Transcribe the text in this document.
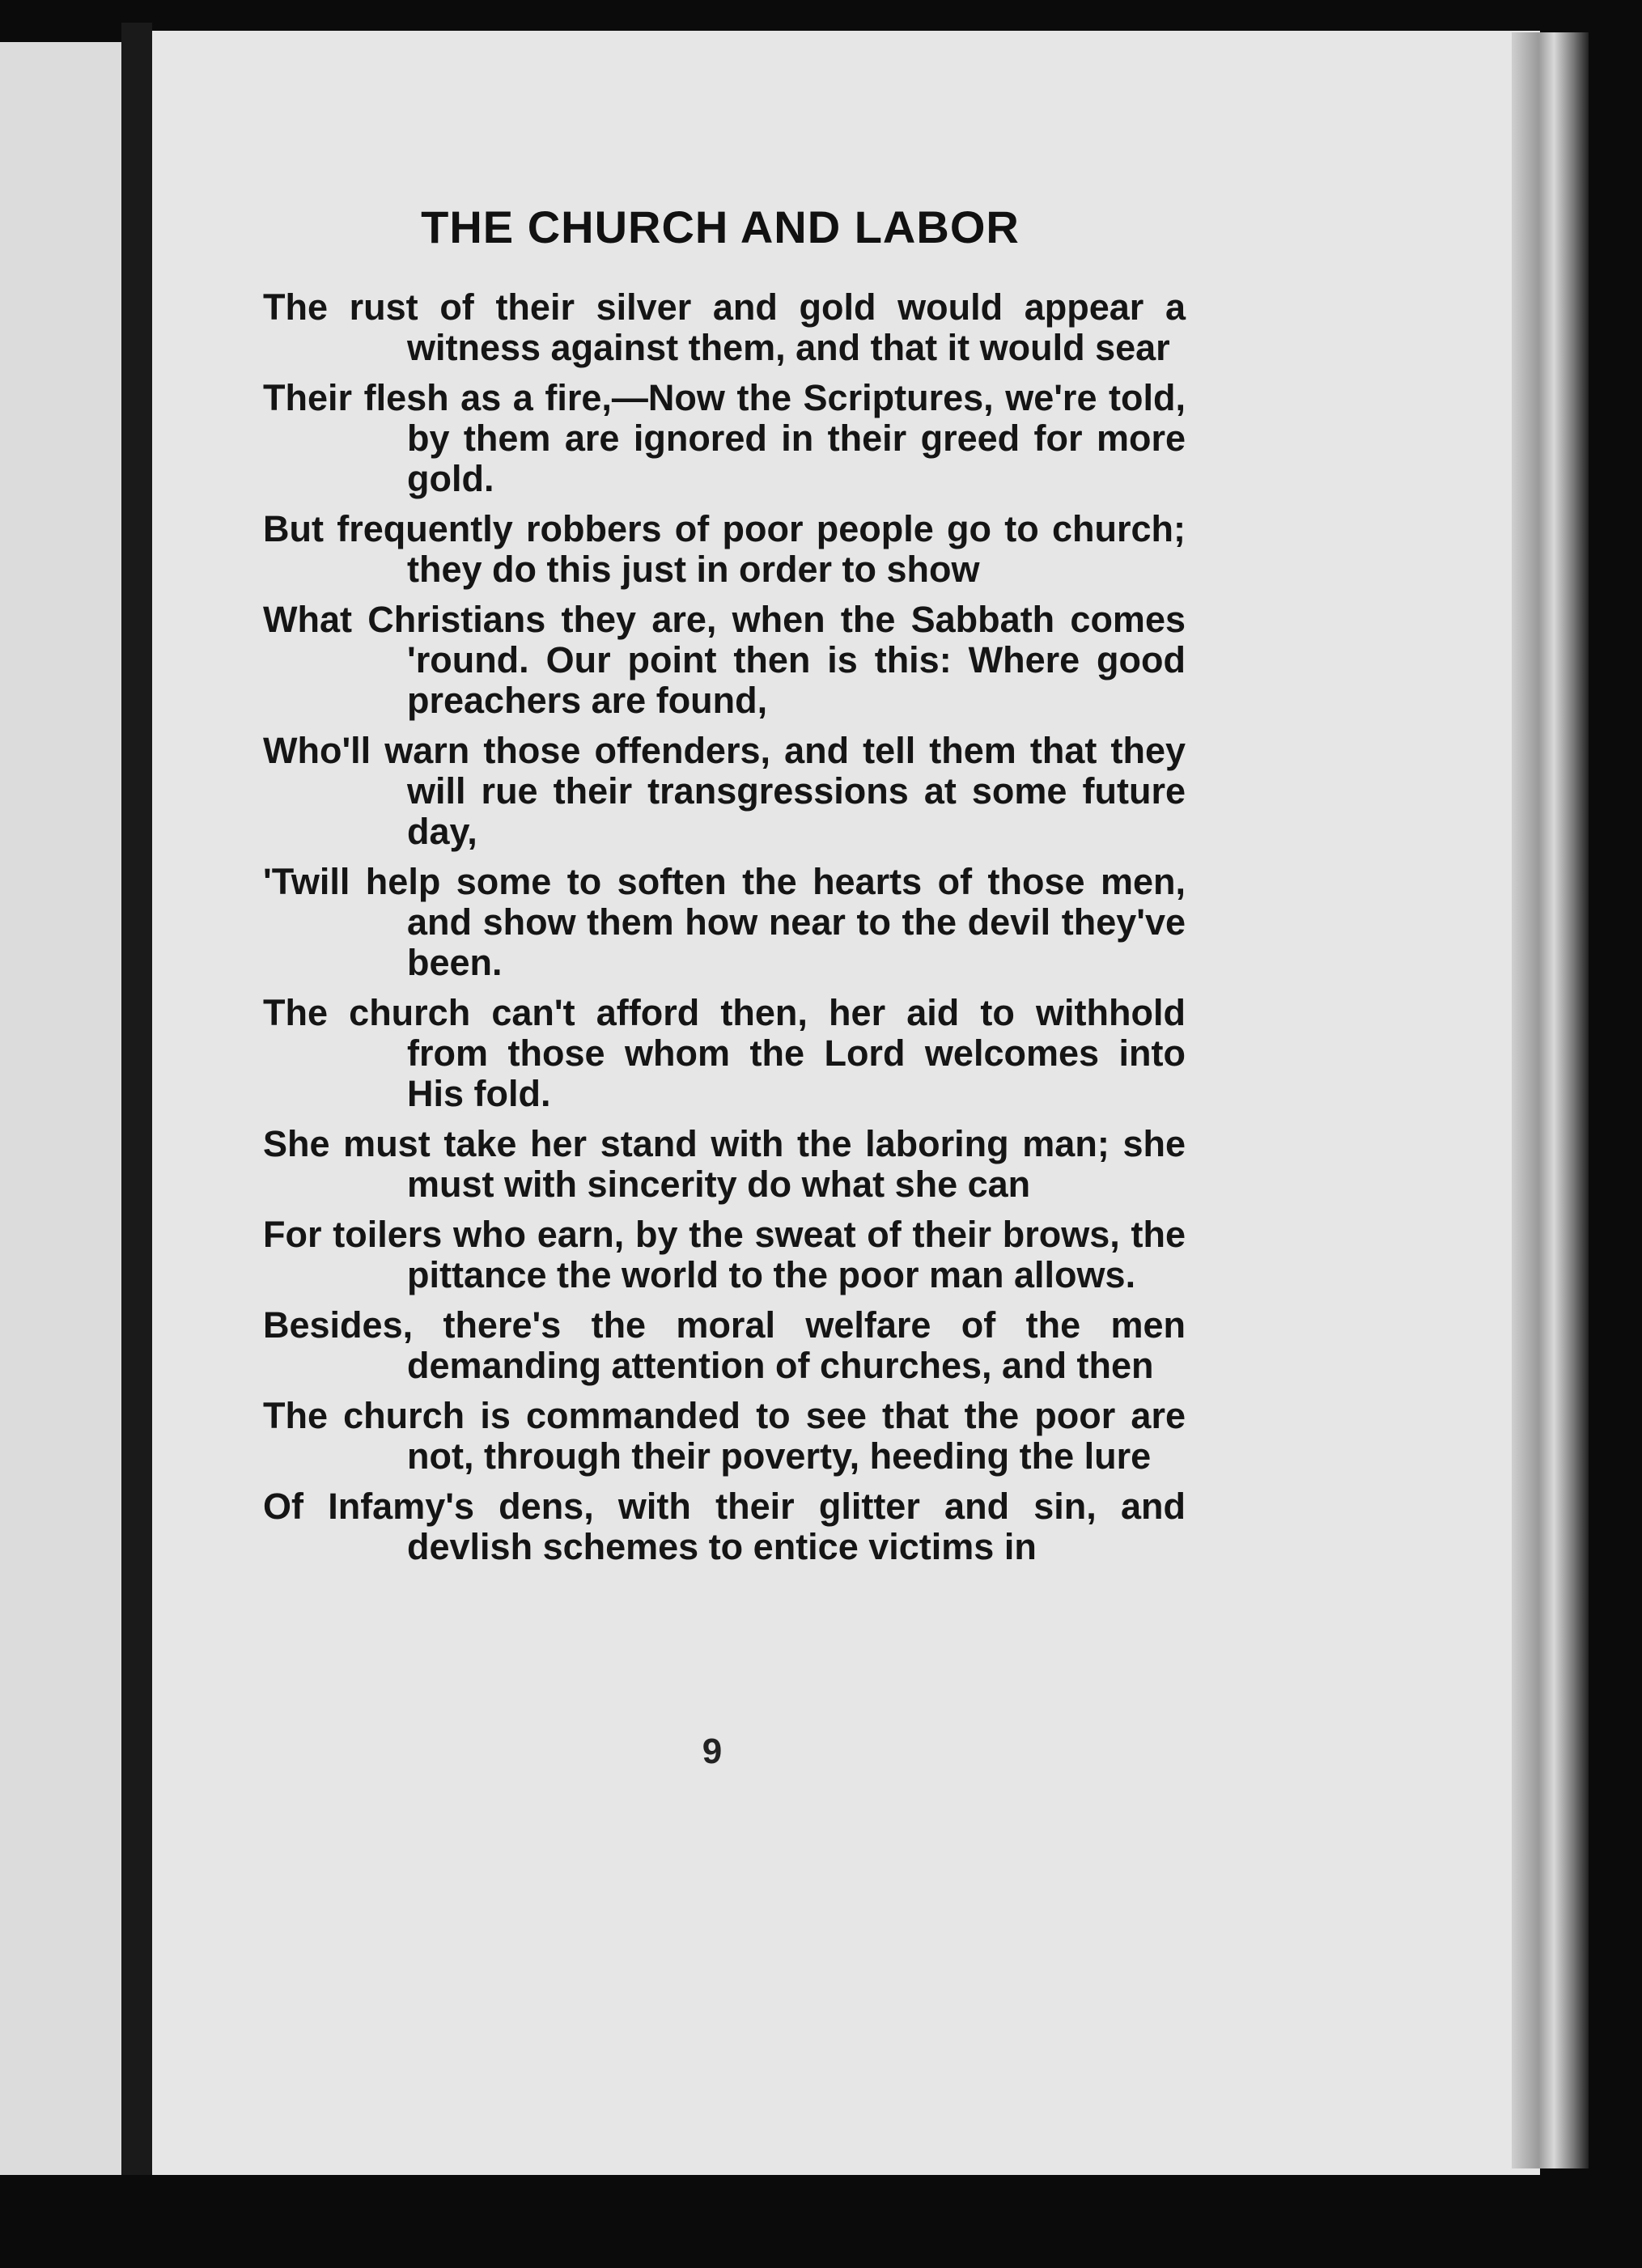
THE CHURCH AND LABOR

The rust of their silver and gold would appear a witness against them, and that it would sear

Their flesh as a fire,—Now the Scriptures, we're told, by them are ignored in their greed for more gold.

But frequently robbers of poor people go to church; they do this just in order to show

What Christians they are, when the Sabbath comes 'round. Our point then is this: Where good preachers are found,

Who'll warn those offenders, and tell them that they will rue their transgressions at some future day,

'Twill help some to soften the hearts of those men, and show them how near to the devil they've been.

The church can't afford then, her aid to withhold from those whom the Lord welcomes into His fold.

She must take her stand with the laboring man; she must with sincerity do what she can

For toilers who earn, by the sweat of their brows, the pittance the world to the poor man allows.

Besides, there's the moral welfare of the men demanding attention of churches, and then

The church is commanded to see that the poor are not, through their poverty, heeding the lure

Of Infamy's dens, with their glitter and sin, and devlish schemes to entice victims in

9
